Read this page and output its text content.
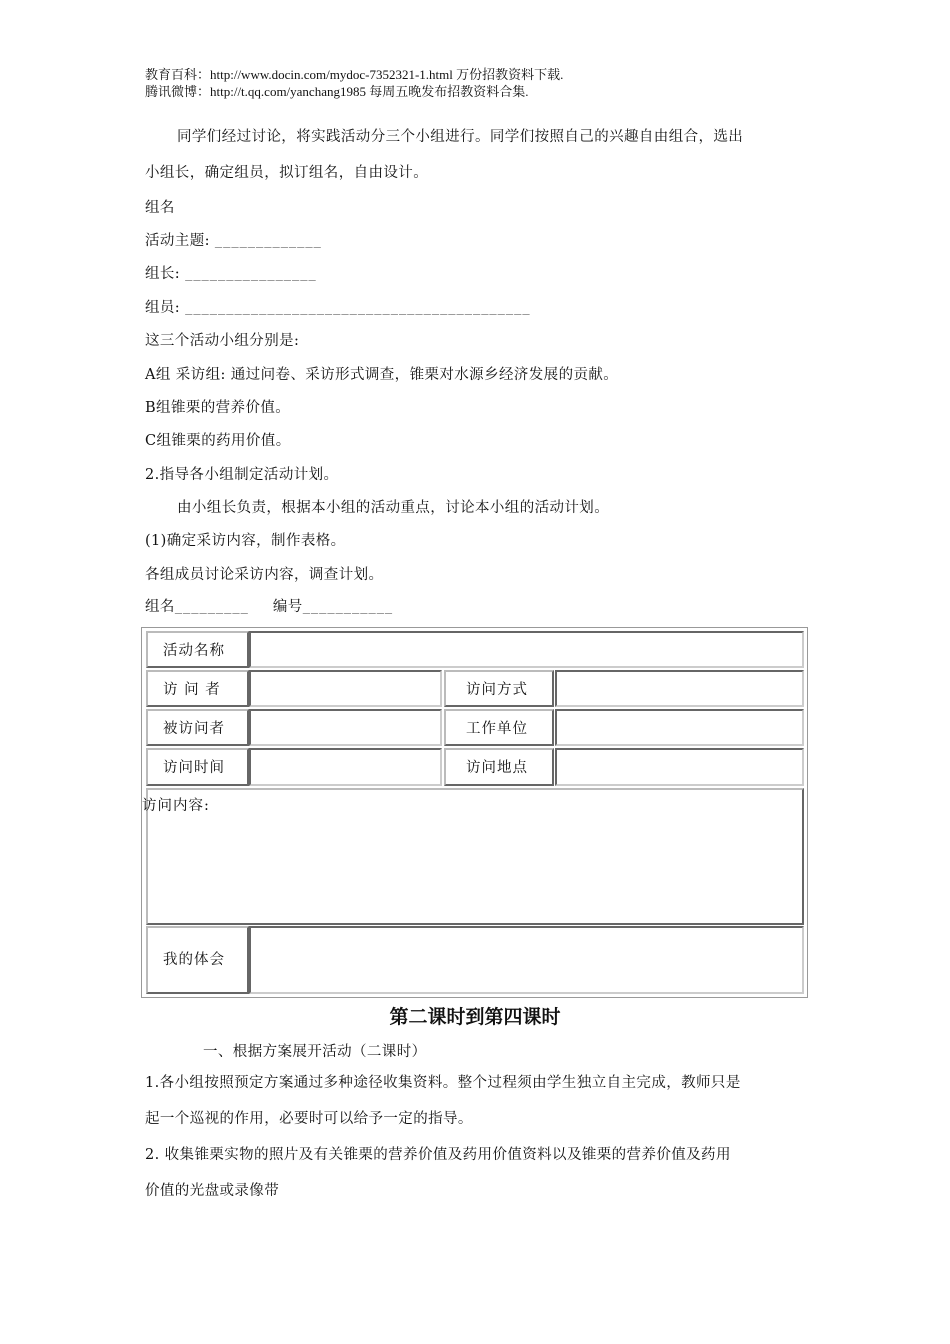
教育百科：http://www.docin.com/mydoc-7352321-1.html 万份招教资料下载.
腾讯微博：http://t.qq.com/yanchang1985 每周五晚发布招教资料合集.
同学们经过讨论，将实践活动分三个小组进行。同学们按照自己的兴趣自由组合，选出
小组长，确定组员，拟订组名，自由设计。
组名
活动主题: _____________
组长: ________________
组员: __________________________________________
这三个活动小组分别是:
A组 采访组: 通过问卷、采访形式调查，锥栗对水源乡经济发展的贡献。
B组锥栗的营养价值。
C组锥栗的药用价值。
2.指导各小组制定活动计划。
由小组长负责，根据本小组的活动重点，讨论本小组的活动计划。
(1)确定采访内容，制作表格。
各组成员讨论采访内容，调查计划。
组名_________ 编号___________
活动名称
访 问 者	访问方式
被访问者	工作单位
访问时间	访问地点
访问内容:
我的体会
第二课时到第四课时
一、根据方案展开活动（二课时）
1.各小组按照预定方案通过多种途径收集资料。整个过程须由学生独立自主完成，教师只是
起一个巡视的作用，必要时可以给予一定的指导。
2. 收集锥栗实物的照片及有关锥栗的营养价值及药用价值资料以及锥栗的营养价值及药用
价值的光盘或录像带
